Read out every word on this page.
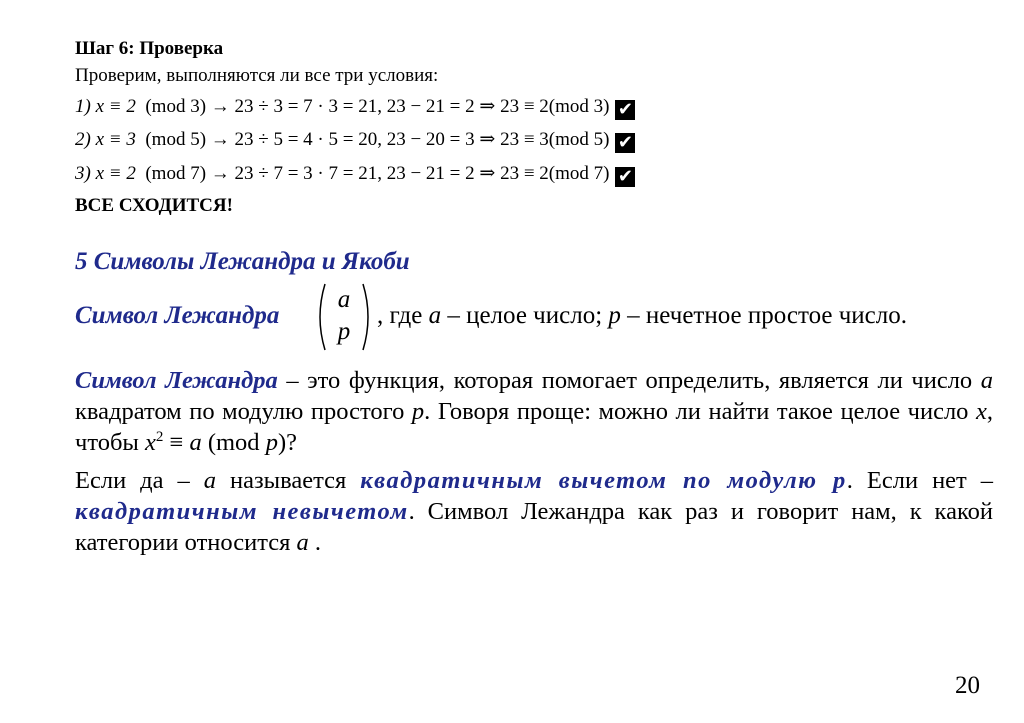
Шаг 6: Проверка
Проверим, выполняются ли все три условия:
1) x ≡ 2 (mod 3) → 23 ÷ 3 = 7 · 3 = 21, 23 − 21 = 2 ⇒ 23 ≡ 2(mod 3) ✔
2) x ≡ 3 (mod 5) → 23 ÷ 5 = 4 · 5 = 20, 23 − 20 = 3 ⇒ 23 ≡ 3(mod 5) ✔
3) x ≡ 2 (mod 7) → 23 ÷ 7 = 3 · 7 = 21, 23 − 21 = 2 ⇒ 23 ≡ 2(mod 7) ✔
ВСЕ СХОДИТСЯ!
5 Символы Лежандра и Якоби
Символ Лежандра
a
p
, где a – целое число; p – нечетное простое число.
Символ Лежандра – это функция, которая помогает определить, является ли число a квадратом по модулю простого p. Говоря проще: можно ли найти такое целое число x, чтобы $x^2 \equiv a$ (mod p)?
Если да – a называется квадратичным вычетом по модулю p. Если нет – квадратичным невычетом. Символ Лежандра как раз и говорит нам, к какой категории относится a .
20
